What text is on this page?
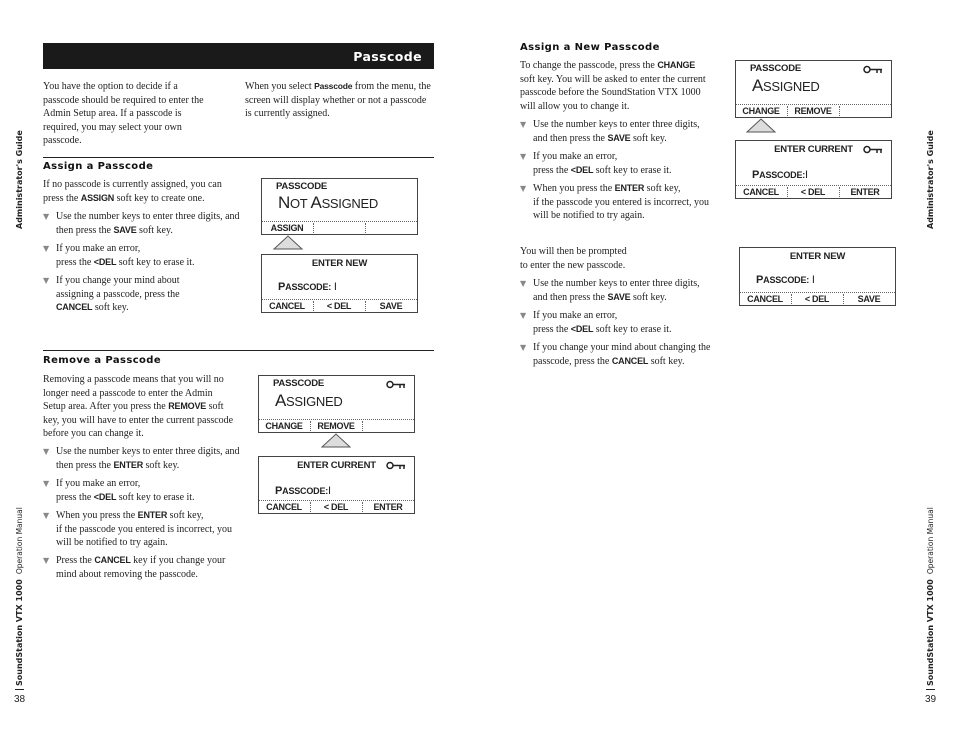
Passcode

You have the option to decide if a passcode should be required to enter the Admin Setup area. If a passcode is required, you may select your own passcode.

When you select Passcode from the menu, the screen will display whether or not a passcode is currently assigned.

Assign a Passcode

If no passcode is currently assigned, you can press the ASSIGN soft key to create one.

▼ Use the number keys to enter three digits, and then press the SAVE soft key.
▼ If you make an error,
press the <DEL soft key to erase it.
▼ If you change your mind about assigning a passcode, press the CANCEL soft key.
PASSCODE
NOT ASSIGNED
ASSIGN
ENTER NEW
PASSCODE: I
CANCEL	< DEL	SAVE
Remove a Passcode

Removing a passcode means that you will no longer need a passcode to enter the Admin Setup area. After you press the REMOVE soft key, you will have to enter the current passcode before you can change it.

▼ Use the number keys to enter three digits, and then press the ENTER soft key.
▼ If you make an error,
press the <DEL soft key to erase it.
▼ When you press the ENTER soft key,
if the passcode you entered is incorrect, you will be notified to try again.
▼ Press the CANCEL key if you change your mind about removing the passcode.
PASSCODE
ASSIGNED
CHANGE	REMOVE
ENTER CURRENT
PASSCODE:I
CANCEL	< DEL	ENTER
Administrator's Guide
SoundStation VTX 1000  Operation Manual
38
Assign a New Passcode

To change the passcode, press the CHANGE soft key. You will be asked to enter the current passcode before the SoundStation VTX 1000 will allow you to change it.

▼ Use the number keys to enter three digits, and then press the SAVE soft key.
▼ If you make an error,
press the <DEL soft key to erase it.
▼ When you press the ENTER soft key,
if the passcode you entered is incorrect, you will be notified to try again.

You will then be prompted
to enter the new passcode.

▼ Use the number keys to enter three digits, and then press the SAVE soft key.
▼ If you make an error,
press the <DEL soft key to erase it.
▼ If you change your mind about changing the passcode, press the CANCEL soft key.
PASSCODE
ASSIGNED
CHANGE	REMOVE
ENTER CURRENT
PASSCODE:I
CANCEL	< DEL	ENTER
ENTER NEW
PASSCODE: I
CANCEL	< DEL	SAVE
Administrator's Guide
SoundStation VTX 1000  Operation Manual
39
